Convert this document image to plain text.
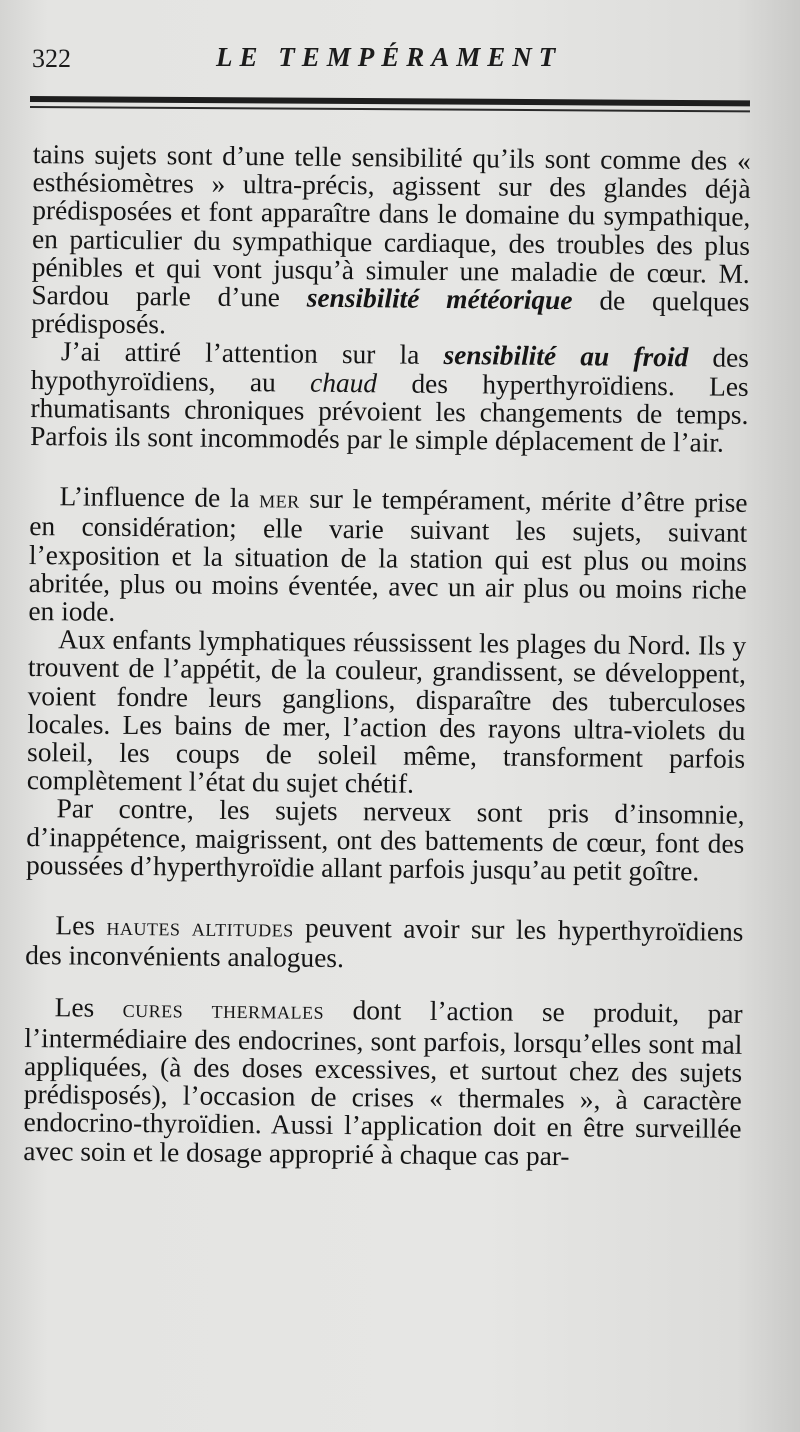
322	LE TEMPÉRAMENT

tains sujets sont d’une telle sensibilité qu’ils sont comme des « esthésiomètres » ultra-précis, agissent sur des glandes déjà prédisposées et font apparaître dans le domaine du sympathique, en particulier du sympathique cardiaque, des troubles des plus pénibles et qui vont jusqu’à simuler une maladie de cœur. M. Sardou parle d’une sensibilité météorique de quelques prédisposés.

J’ai attiré l’attention sur la sensibilité au froid des hypothyroïdiens, au chaud des hyperthyroïdiens. Les rhumatisants chroniques prévoient les changements de temps. Parfois ils sont incommodés par le simple déplacement de l’air.

L’influence de la mer sur le tempérament, mérite d’être prise en considération; elle varie suivant les sujets, suivant l’exposition et la situation de la station qui est plus ou moins abritée, plus ou moins éventée, avec un air plus ou moins riche en iode.

Aux enfants lymphatiques réussissent les plages du Nord. Ils y trouvent de l’appétit, de la couleur, grandissent, se développent, voient fondre leurs ganglions, disparaître des tuberculoses locales. Les bains de mer, l’action des rayons ultra-violets du soleil, les coups de soleil même, transforment parfois complètement l’état du sujet chétif.

Par contre, les sujets nerveux sont pris d’insomnie, d’inappétence, maigrissent, ont des battements de cœur, font des poussées d’hyperthyroïdie allant parfois jusqu’au petit goître.

Les hautes altitudes peuvent avoir sur les hyperthyroïdiens des inconvénients analogues.

Les cures thermales dont l’action se produit, par l’intermédiaire des endocrines, sont parfois, lorsqu’elles sont mal appliquées, (à des doses excessives, et surtout chez des sujets prédisposés), l’occasion de crises « thermales », à caractère endocrino-thyroïdien. Aussi l’application doit en être surveillée avec soin et le dosage approprié à chaque cas par-
